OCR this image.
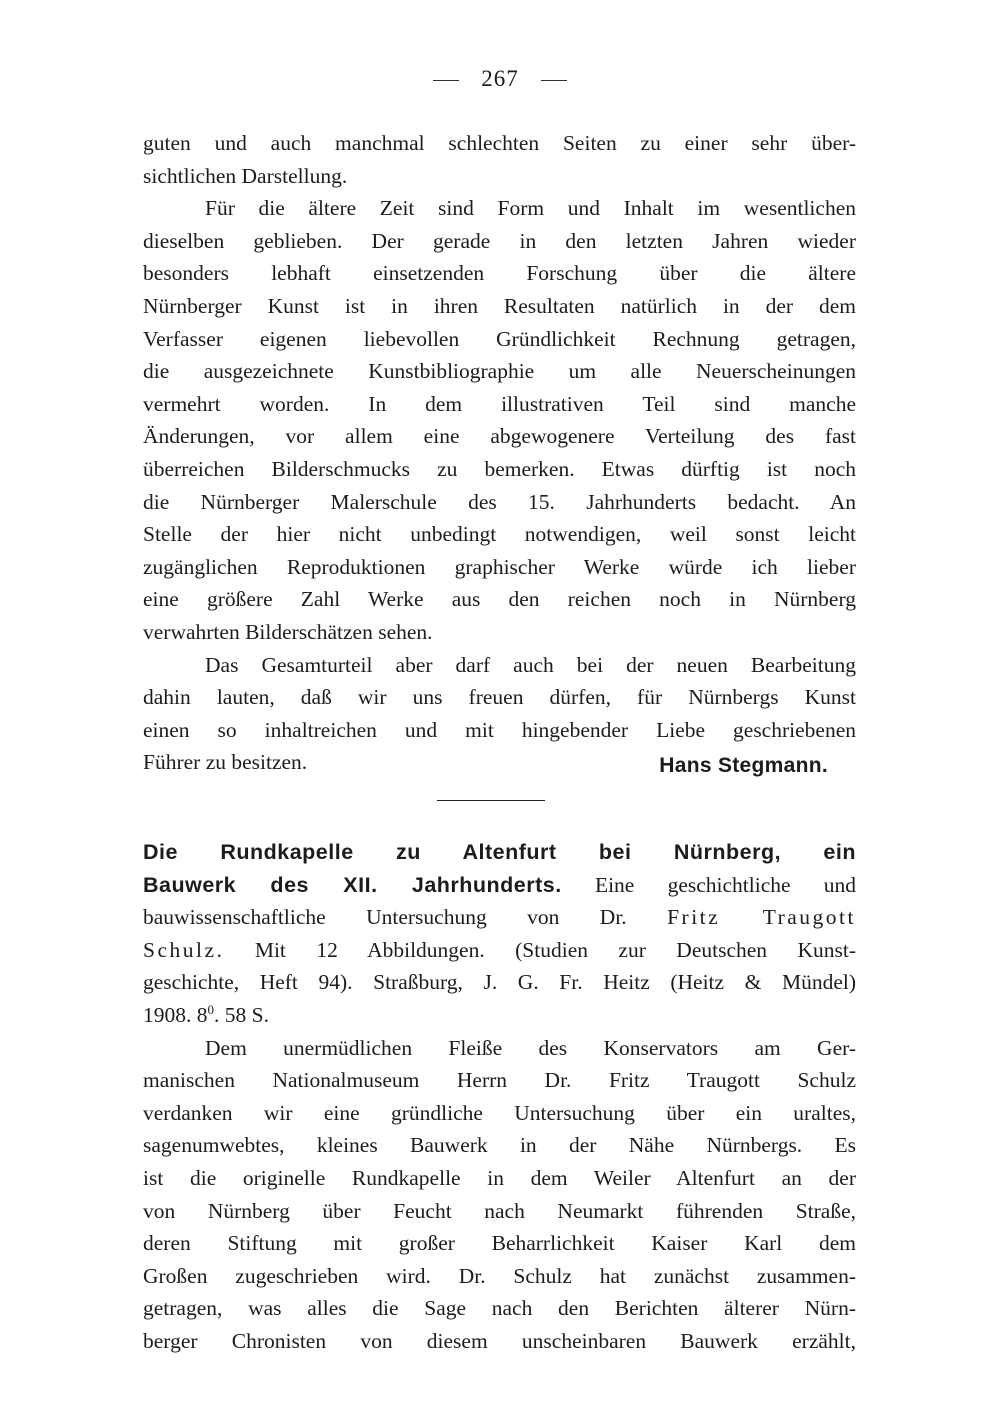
267
guten und auch manchmal schlechten Seiten zu einer sehr über-
sichtlichen Darstellung.
Für die ältere Zeit sind Form und Inhalt im wesentlichen
dieselben geblieben. Der gerade in den letzten Jahren wieder
besonders lebhaft einsetzenden Forschung über die ältere
Nürnberger Kunst ist in ihren Resultaten natürlich in der dem
Verfasser eigenen liebevollen Gründlichkeit Rechnung getragen,
die ausgezeichnete Kunstbibliographie um alle Neuerscheinungen
vermehrt worden. In dem illustrativen Teil sind manche
Änderungen, vor allem eine abgewogenere Verteilung des fast
überreichen Bilderschmucks zu bemerken. Etwas dürftig ist noch
die Nürnberger Malerschule des 15. Jahrhunderts bedacht. An
Stelle der hier nicht unbedingt notwendigen, weil sonst leicht
zugänglichen Reproduktionen graphischer Werke würde ich lieber
eine größere Zahl Werke aus den reichen noch in Nürnberg
verwahrten Bilderschätzen sehen.
Das Gesamturteil aber darf auch bei der neuen Bearbeitung
dahin lauten, daß wir uns freuen dürfen, für Nürnbergs Kunst
einen so inhaltreichen und mit hingebender Liebe geschriebenen
Führer zu besitzen.	Hans Stegmann.
Die Rundkapelle zu Altenfurt bei Nürnberg, ein
Bauwerk des XII. Jahrhunderts. Eine geschichtliche und
bauwissenschaftliche Untersuchung von Dr. Fritz Traugott
Schulz. Mit 12 Abbildungen. (Studien zur Deutschen Kunst-
geschichte, Heft 94). Straßburg, J. G. Fr. Heitz (Heitz & Mündel)
1908. $8^0$. 58 S.
Dem unermüdlichen Fleiße des Konservators am Ger-
manischen Nationalmuseum Herrn Dr. Fritz Traugott Schulz
verdanken wir eine gründliche Untersuchung über ein uraltes,
sagenumwebtes, kleines Bauwerk in der Nähe Nürnbergs. Es
ist die originelle Rundkapelle in dem Weiler Altenfurt an der
von Nürnberg über Feucht nach Neumarkt führenden Straße,
deren Stiftung mit großer Beharrlichkeit Kaiser Karl dem
Großen zugeschrieben wird. Dr. Schulz hat zunächst zusammen-
getragen, was alles die Sage nach den Berichten älterer Nürn-
berger Chronisten von diesem unscheinbaren Bauwerk erzählt,
